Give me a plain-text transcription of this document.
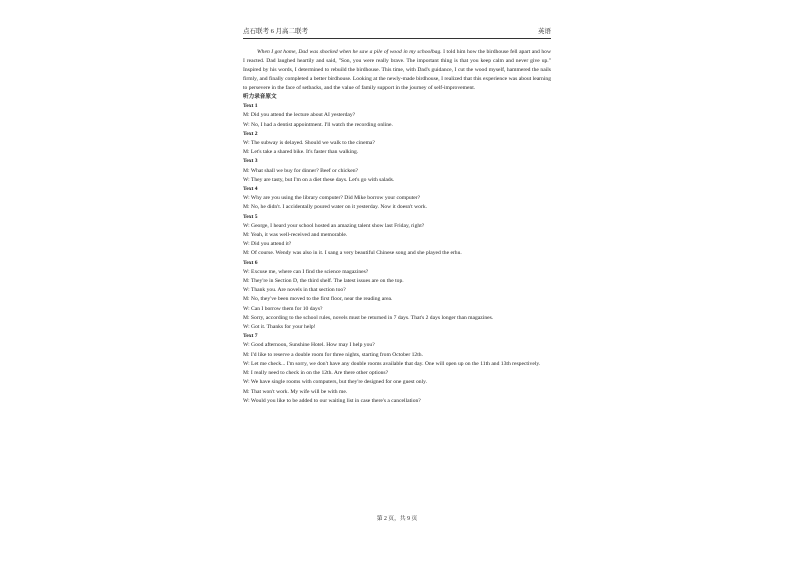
点石联考 6 月高二联考	英语

When I got home, Dad was shocked when he saw a pile of wood in my schoolbag. I told him how the birdhouse fell apart and how I reacted. Dad laughed heartily and said, "Son, you were really brave. The important thing is that you keep calm and never give up." Inspired by his words, I determined to rebuild the birdhouse. This time, with Dad's guidance, I cut the wood myself, hammered the nails firmly, and finally completed a better birdhouse. Looking at the newly-made birdhouse, I realized that this experience was about learning to persevere in the face of setbacks, and the value of family support in the journey of self-improvement.

听力录音原文

Text 1

M: Did you attend the lecture about AI yesterday?

W: No, I had a dentist appointment. I'll watch the recording online.

Text 2

W: The subway is delayed. Should we walk to the cinema?

M: Let's take a shared bike. It's faster than walking.

Text 3

M: What shall we buy for dinner? Beef or chicken?

W: They are tasty, but I'm on a diet these days. Let's go with salads.

Text 4

W: Why are you using the library computer? Did Mike borrow your computer?

M: No, he didn't. I accidentally poured water on it yesterday. Now it doesn't work.

Text 5

W: George, I heard your school hosted an amazing talent show last Friday, right?

M: Yeah, it was well-received and memorable.

W: Did you attend it?

M: Of course. Wendy was also in it. I sang a very beautiful Chinese song and she played the erhu.

Text 6

W: Excuse me, where can I find the science magazines?

M: They're in Section D, the third shelf. The latest issues are on the top.

W: Thank you. Are novels in that section too?

M: No, they've been moved to the first floor, near the reading area.

W: Can I borrow them for 10 days?

M: Sorry, according to the school rules, novels must be returned in 7 days. That's 2 days longer than magazines.

W: Got it. Thanks for your help!

Text 7

W: Good afternoon, Sunshine Hotel. How may I help you?

M: I'd like to reserve a double room for three nights, starting from October 12th.

W: Let me check... I'm sorry, we don't have any double rooms available that day. One will open up on the 11th and 13th respectively.

M: I really need to check in on the 12th. Are there other options?

W: We have single rooms with computers, but they're designed for one guest only.

M: That won't work. My wife will be with me.

W: Would you like to be added to our waiting list in case there's a cancellation?

第 2 页，共 9 页
